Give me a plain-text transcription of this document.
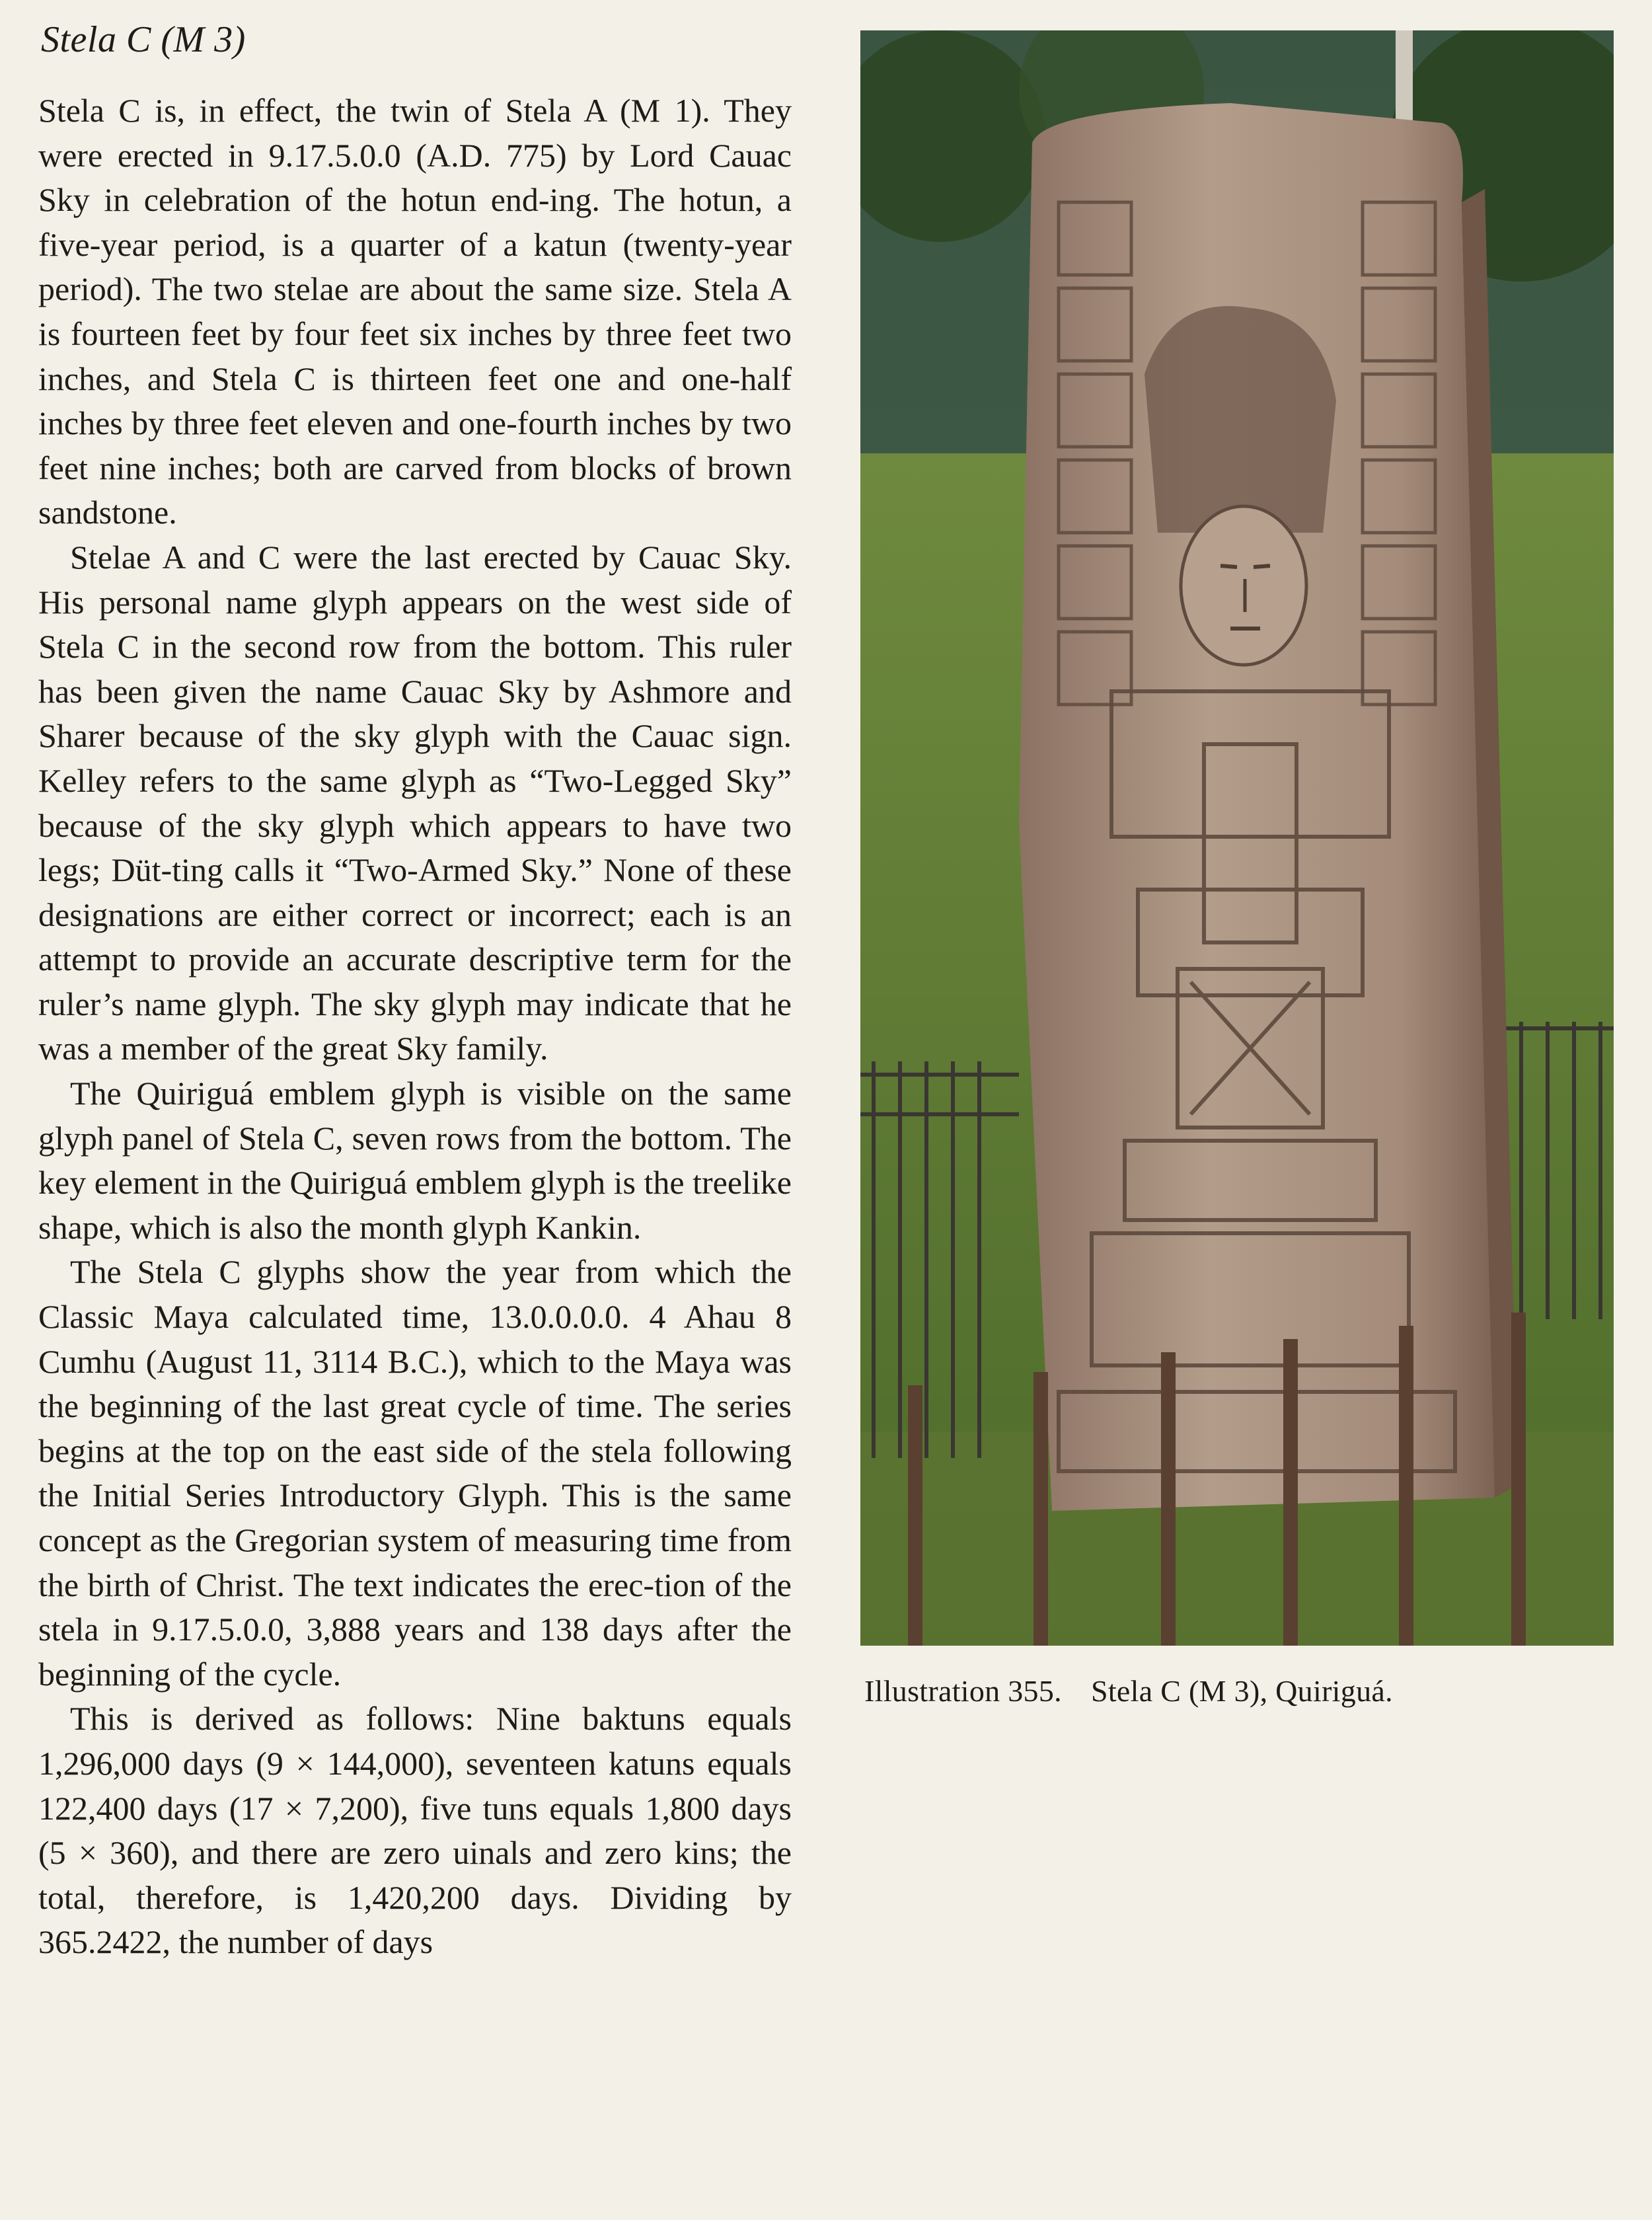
Stela C (M 3)

Stela C is, in effect, the twin of Stela A (M 1). They were erected in 9.17.5.0.0 (A.D. 775) by Lord Cauac Sky in celebration of the hotun end-ing. The hotun, a five-year period, is a quarter of a katun (twenty-year period). The two stelae are about the same size. Stela A is fourteen feet by four feet six inches by three feet two inches, and Stela C is thirteen feet one and one-half inches by three feet eleven and one-fourth inches by two feet nine inches; both are carved from blocks of brown sandstone.

Stelae A and C were the last erected by Cauac Sky. His personal name glyph appears on the west side of Stela C in the second row from the bottom. This ruler has been given the name Cauac Sky by Ashmore and Sharer because of the sky glyph with the Cauac sign. Kelley refers to the same glyph as “Two-Legged Sky” because of the sky glyph which appears to have two legs; Düt-ting calls it “Two-Armed Sky.” None of these designations are either correct or incorrect; each is an attempt to provide an accurate descriptive term for the ruler’s name glyph. The sky glyph may indicate that he was a member of the great Sky family.

The Quiriguá emblem glyph is visible on the same glyph panel of Stela C, seven rows from the bottom. The key element in the Quiriguá emblem glyph is the treelike shape, which is also the month glyph Kankin.

The Stela C glyphs show the year from which the Classic Maya calculated time, 13.0.0.0.0. 4 Ahau 8 Cumhu (August 11, 3114 B.C.), which to the Maya was the beginning of the last great cycle of time. The series begins at the top on the east side of the stela following the Initial Series Introductory Glyph. This is the same concept as the Gregorian system of measuring time from the birth of Christ. The text indicates the erec-tion of the stela in 9.17.5.0.0, 3,888 years and 138 days after the beginning of the cycle.

This is derived as follows: Nine baktuns equals 1,296,000 days (9 × 144,000), seventeen katuns equals 122,400 days (17 × 7,200), five tuns equals 1,800 days (5 × 360), and there are zero uinals and zero kins; the total, therefore, is 1,420,200 days. Dividing by 365.2422, the number of days

Illustration 355. Stela C (M 3), Quiriguá.
